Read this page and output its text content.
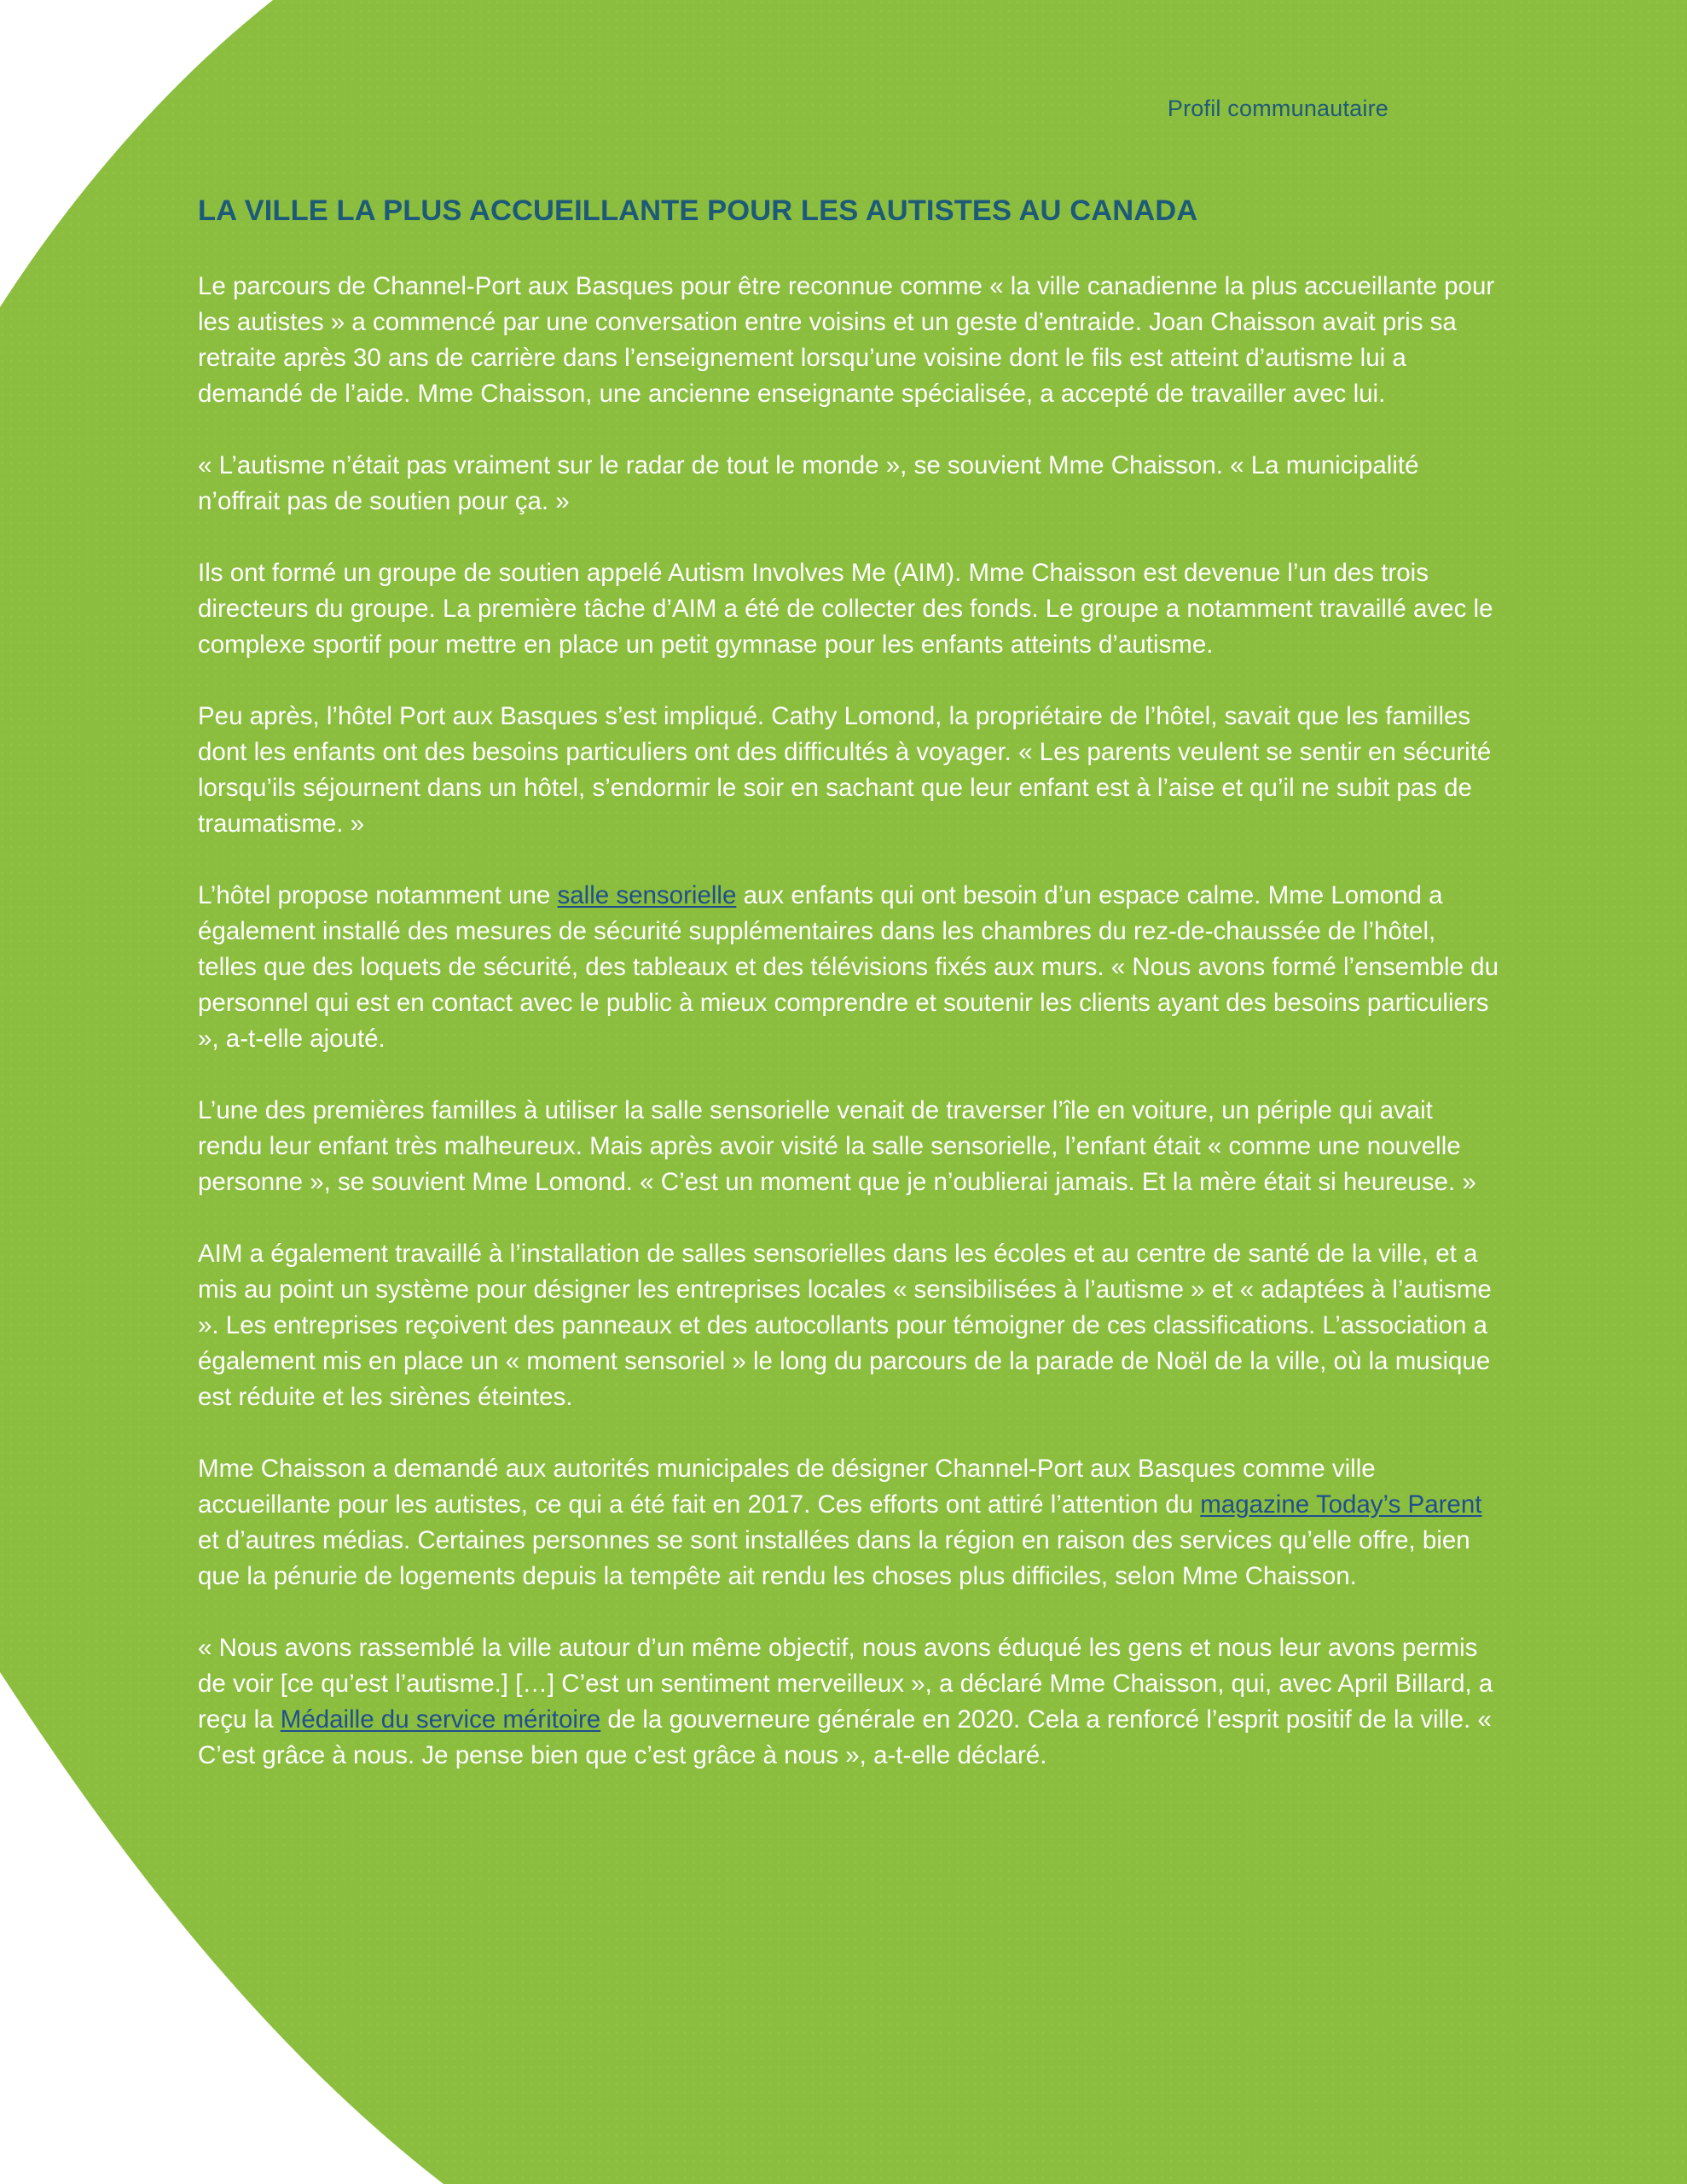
Profil communautaire
LA VILLE LA PLUS ACCUEILLANTE POUR LES AUTISTES AU CANADA

Le parcours de Channel-Port aux Basques pour être reconnue comme « la ville canadienne la plus accueillante pour les autistes » a commencé par une conversation entre voisins et un geste d’entraide. Joan Chaisson avait pris sa retraite après 30 ans de carrière dans l’enseignement lorsqu’une voisine dont le fils est atteint d’autisme lui a demandé de l’aide. Mme Chaisson, une ancienne enseignante spécialisée, a accepté de travailler avec lui.

« L’autisme n’était pas vraiment sur le radar de tout le monde », se souvient Mme Chaisson. « La municipalité n’offrait pas de soutien pour ça. »

Ils ont formé un groupe de soutien appelé Autism Involves Me (AIM). Mme Chaisson est devenue l’un des trois directeurs du groupe. La première tâche d’AIM a été de collecter des fonds. Le groupe a notamment travaillé avec le complexe sportif pour mettre en place un petit gymnase pour les enfants atteints d’autisme.

Peu après, l’hôtel Port aux Basques s’est impliqué. Cathy Lomond, la propriétaire de l’hôtel, savait que les familles dont les enfants ont des besoins particuliers ont des difficultés à voyager. « Les parents veulent se sentir en sécurité lorsqu’ils séjournent dans un hôtel, s’endormir le soir en sachant que leur enfant est à l’aise et qu’il ne subit pas de traumatisme. »

L’hôtel propose notamment une salle sensorielle aux enfants qui ont besoin d’un espace calme. Mme Lomond a également installé des mesures de sécurité supplémentaires dans les chambres du rez-de-chaussée de l’hôtel, telles que des loquets de sécurité, des tableaux et des télévisions fixés aux murs. « Nous avons formé l’ensemble du personnel qui est en contact avec le public à mieux comprendre et soutenir les clients ayant des besoins particuliers », a-t-elle ajouté.

L’une des premières familles à utiliser la salle sensorielle venait de traverser l’île en voiture, un périple qui avait rendu leur enfant très malheureux. Mais après avoir visité la salle sensorielle, l’enfant était « comme une nouvelle personne », se souvient Mme Lomond. « C’est un moment que je n’oublierai jamais. Et la mère était si heureuse. »

AIM a également travaillé à l’installation de salles sensorielles dans les écoles et au centre de santé de la ville, et a mis au point un système pour désigner les entreprises locales « sensibilisées à l’autisme » et « adaptées à l’autisme ». Les entreprises reçoivent des panneaux et des autocollants pour témoigner de ces classifications. L’association a également mis en place un « moment sensoriel » le long du parcours de la parade de Noël de la ville, où la musique est réduite et les sirènes éteintes.

Mme Chaisson a demandé aux autorités municipales de désigner Channel-Port aux Basques comme ville accueillante pour les autistes, ce qui a été fait en 2017. Ces efforts ont attiré l’attention du magazine Today’s Parent et d’autres médias. Certaines personnes se sont installées dans la région en raison des services qu’elle offre, bien que la pénurie de logements depuis la tempête ait rendu les choses plus difficiles, selon Mme Chaisson.

« Nous avons rassemblé la ville autour d’un même objectif, nous avons éduqué les gens et nous leur avons permis de voir [ce qu’est l’autisme.] […] C’est un sentiment merveilleux », a déclaré Mme Chaisson, qui, avec April Billard, a reçu la Médaille du service méritoire de la gouverneure générale en 2020. Cela a renforcé l’esprit positif de la ville. « C’est grâce à nous. Je pense bien que c’est grâce à nous », a-t-elle déclaré.
